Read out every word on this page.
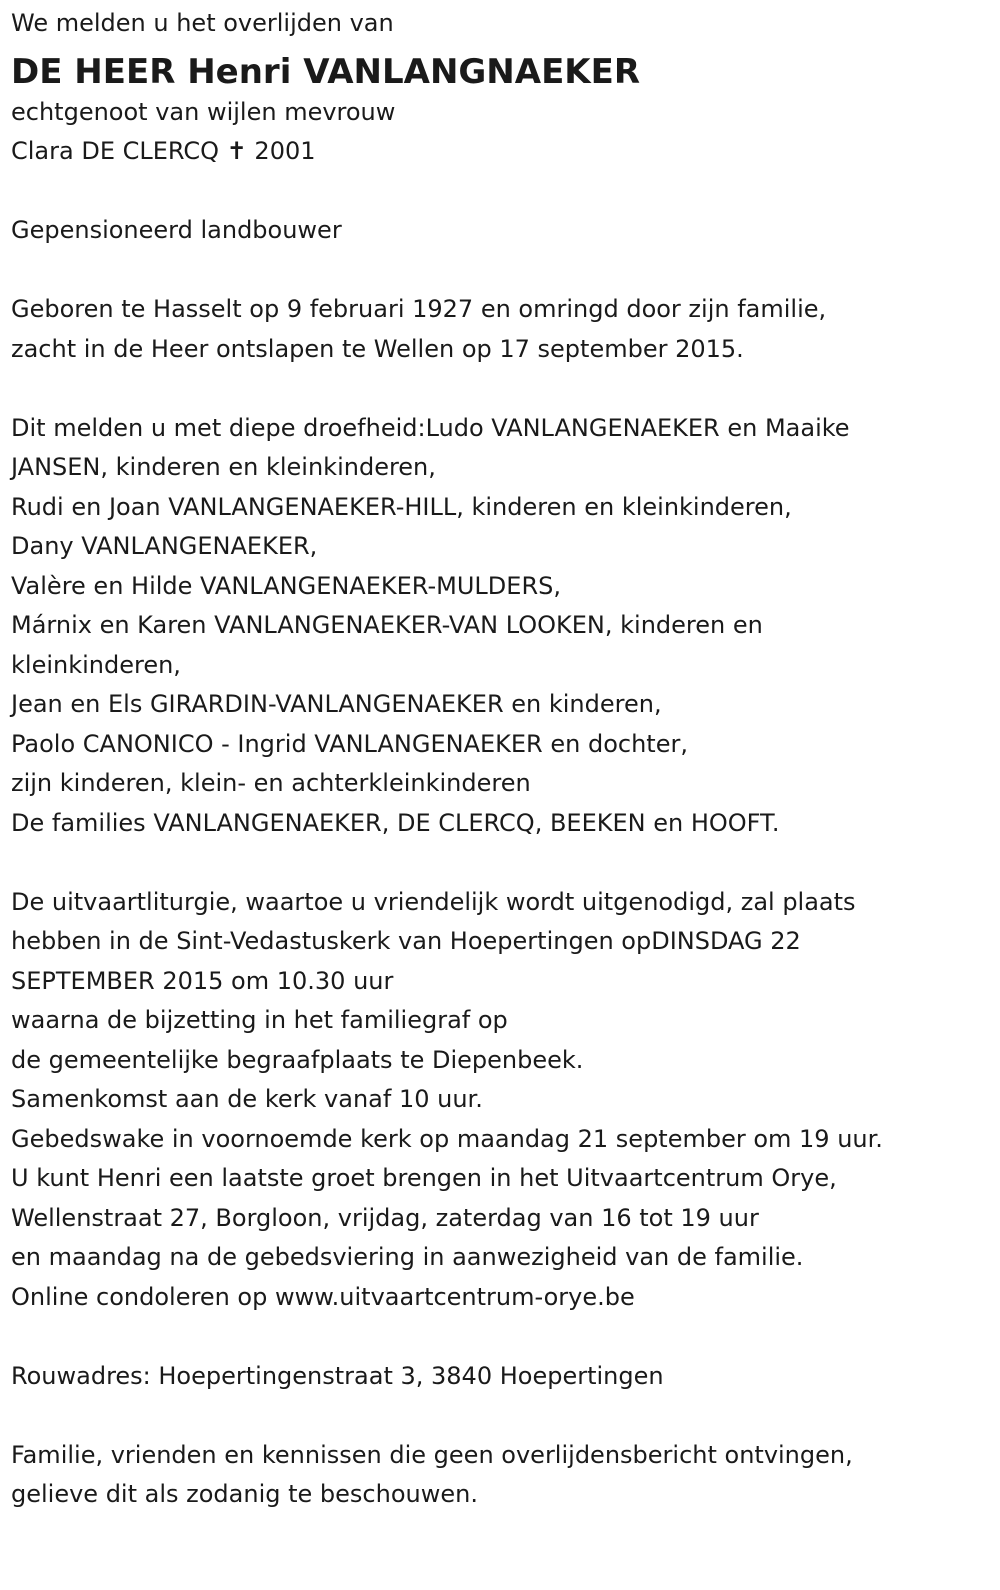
We melden u het overlijden van
DE HEER Henri VANLANGNAEKER
echtgenoot van wijlen mevrouw
Clara DE CLERCQ ✝ 2001
Gepensioneerd landbouwer
Geboren te Hasselt op 9 februari 1927 en omringd door zijn familie,
zacht in de Heer ontslapen te Wellen op 17 september 2015.
Dit melden u met diepe droefheid:Ludo VANLANGENAEKER en Maaike
JANSEN, kinderen en kleinkinderen,
Rudi en Joan VANLANGENAEKER-HILL, kinderen en kleinkinderen,
Dany VANLANGENAEKER,
Valère en Hilde VANLANGENAEKER-MULDERS,
Márnix en Karen VANLANGENAEKER-VAN LOOKEN, kinderen en
kleinkinderen,
Jean en Els GIRARDIN-VANLANGENAEKER en kinderen,
Paolo CANONICO - Ingrid VANLANGENAEKER en dochter,
zijn kinderen, klein- en achterkleinkinderen
De families VANLANGENAEKER, DE CLERCQ, BEEKEN en HOOFT.
De uitvaartliturgie, waartoe u vriendelijk wordt uitgenodigd, zal plaats
hebben in de Sint-Vedastuskerk van Hoepertingen opDINSDAG 22
SEPTEMBER 2015 om 10.30 uur
waarna de bijzetting in het familiegraf op
de gemeentelijke begraafplaats te Diepenbeek.
Samenkomst aan de kerk vanaf 10 uur.
Gebedswake in voornoemde kerk op maandag 21 september om 19 uur.
U kunt Henri een laatste groet brengen in het Uitvaartcentrum Orye,
Wellenstraat 27, Borgloon, vrijdag, zaterdag van 16 tot 19 uur
en maandag na de gebedsviering in aanwezigheid van de familie.
Online condoleren op www.uitvaartcentrum-orye.be
Rouwadres: Hoepertingenstraat 3, 3840 Hoepertingen
Familie, vrienden en kennissen die geen overlijdensbericht ontvingen,
gelieve dit als zodanig te beschouwen.
